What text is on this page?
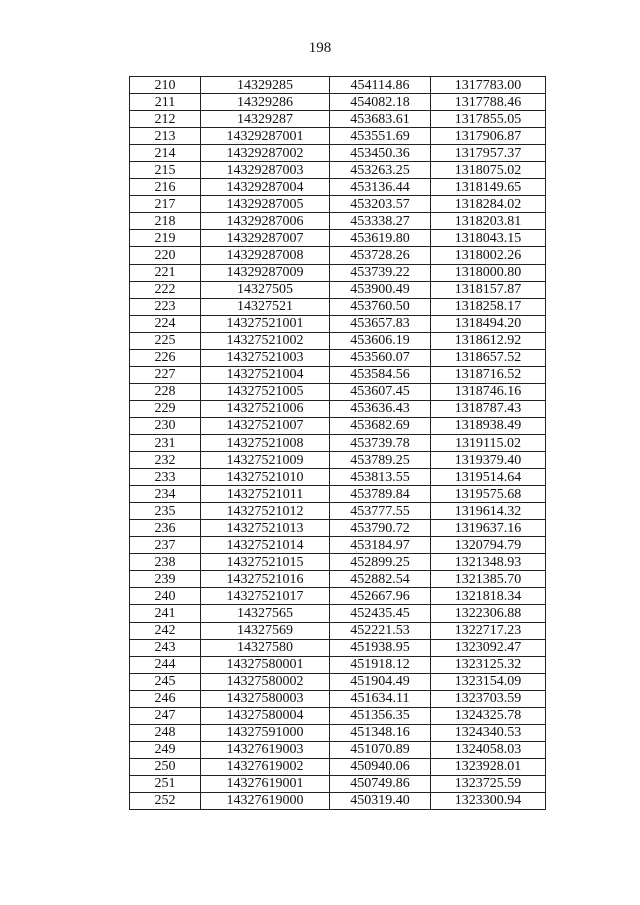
198
210	14329285	454114.86	1317783.00
211	14329286	454082.18	1317788.46
212	14329287	453683.61	1317855.05
213	14329287001	453551.69	1317906.87
214	14329287002	453450.36	1317957.37
215	14329287003	453263.25	1318075.02
216	14329287004	453136.44	1318149.65
217	14329287005	453203.57	1318284.02
218	14329287006	453338.27	1318203.81
219	14329287007	453619.80	1318043.15
220	14329287008	453728.26	1318002.26
221	14329287009	453739.22	1318000.80
222	14327505	453900.49	1318157.87
223	14327521	453760.50	1318258.17
224	14327521001	453657.83	1318494.20
225	14327521002	453606.19	1318612.92
226	14327521003	453560.07	1318657.52
227	14327521004	453584.56	1318716.52
228	14327521005	453607.45	1318746.16
229	14327521006	453636.43	1318787.43
230	14327521007	453682.69	1318938.49
231	14327521008	453739.78	1319115.02
232	14327521009	453789.25	1319379.40
233	14327521010	453813.55	1319514.64
234	14327521011	453789.84	1319575.68
235	14327521012	453777.55	1319614.32
236	14327521013	453790.72	1319637.16
237	14327521014	453184.97	1320794.79
238	14327521015	452899.25	1321348.93
239	14327521016	452882.54	1321385.70
240	14327521017	452667.96	1321818.34
241	14327565	452435.45	1322306.88
242	14327569	452221.53	1322717.23
243	14327580	451938.95	1323092.47
244	14327580001	451918.12	1323125.32
245	14327580002	451904.49	1323154.09
246	14327580003	451634.11	1323703.59
247	14327580004	451356.35	1324325.78
248	14327591000	451348.16	1324340.53
249	14327619003	451070.89	1324058.03
250	14327619002	450940.06	1323928.01
251	14327619001	450749.86	1323725.59
252	14327619000	450319.40	1323300.94
